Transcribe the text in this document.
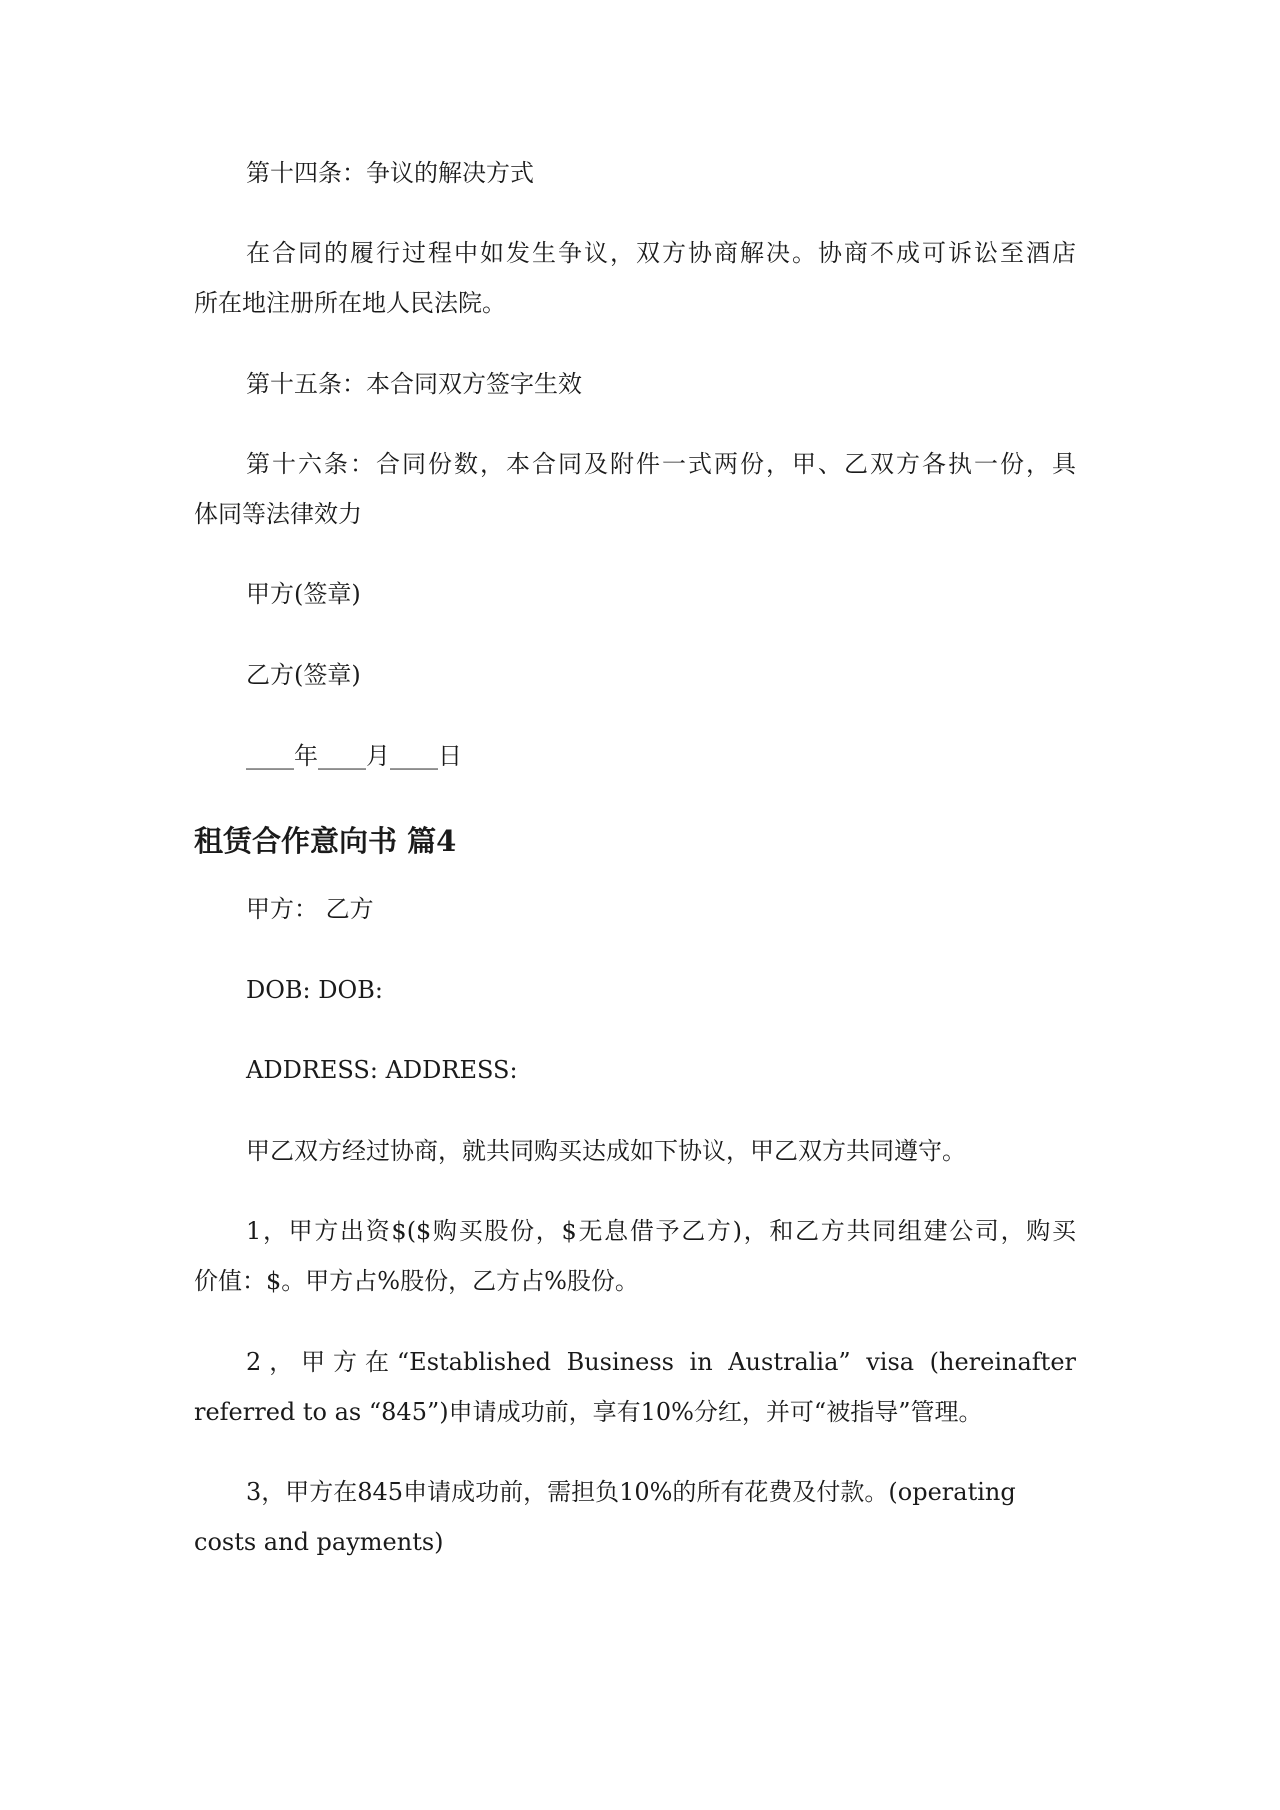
第十四条：争议的解决方式
在合同的履行过程中如发生争议，双方协商解决。协商不成可诉讼至酒店
所在地注册所在地人民法院。
第十五条：本合同双方签字生效
第十六条：合同份数，本合同及附件一式两份，甲、乙双方各执一份，具
体同等法律效力
甲方(签章)
乙方(签章)
____年____月____日
租赁合作意向书 篇4
甲方： 乙方
DOB: DOB:
ADDRESS: ADDRESS:
甲乙双方经过协商，就共同购买达成如下协议，甲乙双方共同遵守。
1，甲方出资$($购买股份，$无息借予乙方)，和乙方共同组建公司，购买
价值：$。甲方占%股份，乙方占%股份。
2，甲方在“Established Business in Australia” visa (hereinafter
referred to as “845”)申请成功前，享有10%分红，并可“被指导”管理。
3，甲方在845申请成功前，需担负10%的所有花费及付款。(operating
costs and payments)
